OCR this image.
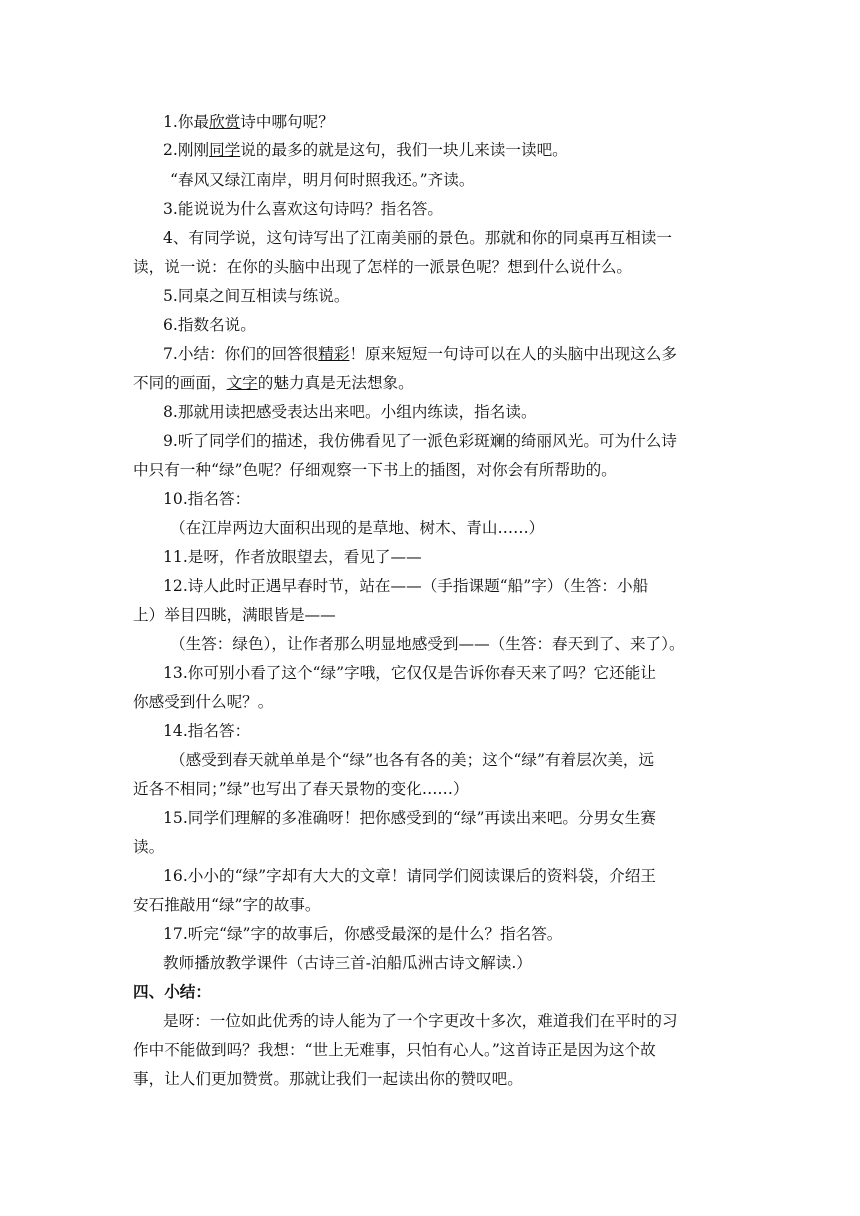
1.你最欣赏诗中哪句呢？
2.刚刚同学说的最多的就是这句，我们一块儿来读一读吧。
“春风又绿江南岸，明月何时照我还。”齐读。
3.能说说为什么喜欢这句诗吗？指名答。
4、有同学说，这句诗写出了江南美丽的景色。那就和你的同桌再互相读一
读，说一说：在你的头脑中出现了怎样的一派景色呢？想到什么说什么。
5.同桌之间互相读与练说。
6.指数名说。
7.小结：你们的回答很精彩！原来短短一句诗可以在人的头脑中出现这么多
不同的画面，文字的魅力真是无法想象。
8.那就用读把感受表达出来吧。小组内练读，指名读。
9.听了同学们的描述，我仿佛看见了一派色彩斑斓的绮丽风光。可为什么诗
中只有一种“绿”色呢？仔细观察一下书上的插图，对你会有所帮助的。
10.指名答：
（在江岸两边大面积出现的是草地、树木、青山……）
11.是呀，作者放眼望去，看见了——
12.诗人此时正遇早春时节，站在——（手指课题“船”字）（生答：小船
上）举目四眺，满眼皆是——
（生答：绿色），让作者那么明显地感受到——（生答：春天到了、来了）。
13.你可别小看了这个“绿”字哦，它仅仅是告诉你春天来了吗？它还能让
你感受到什么呢？。
14.指名答：
（感受到春天就单单是个“绿”也各有各的美；这个“绿”有着层次美，远
近各不相同；”绿”也写出了春天景物的变化……）
15.同学们理解的多准确呀！把你感受到的“绿”再读出来吧。分男女生赛
读。
16.小小的“绿”字却有大大的文章！请同学们阅读课后的资料袋，介绍王
安石推敲用“绿”字的故事。
17.听完“绿”字的故事后，你感受最深的是什么？指名答。
教师播放教学课件（古诗三首-泊船瓜洲古诗文解读.）
四、小结：
是呀：一位如此优秀的诗人能为了一个字更改十多次，难道我们在平时的习
作中不能做到吗？我想：“世上无难事，只怕有心人。”这首诗正是因为这个故
事，让人们更加赞赏。那就让我们一起读出你的赞叹吧。
